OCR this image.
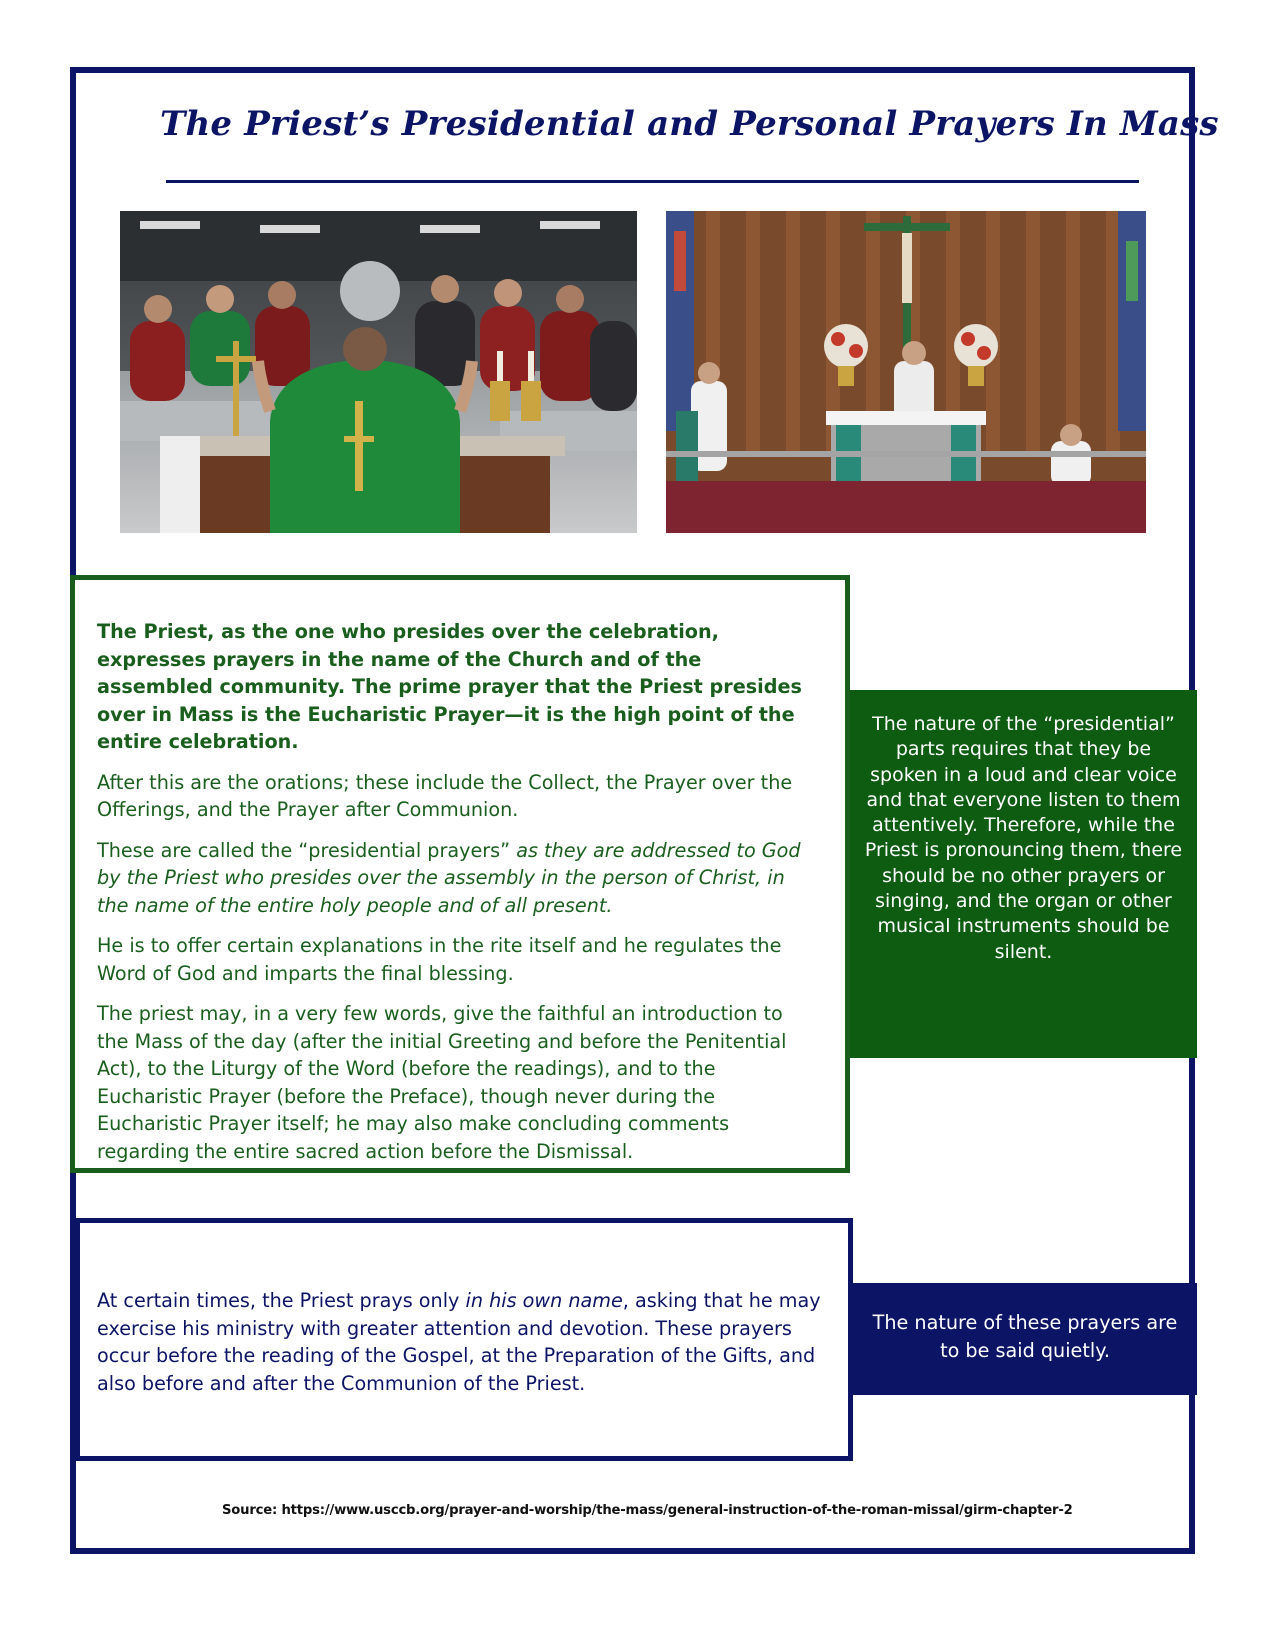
The Priest’s Presidential and Personal Prayers In Mass

The Priest, as the one who presides over the celebration, expresses prayers in the name of the Church and of the assembled community. The prime prayer that the Priest presides over in Mass is the Eucharistic Prayer—it is the high point of the entire celebration.

After this are the orations; these include the Collect, the Prayer over the Offerings, and the Prayer after Communion.

These are called the “presidential prayers” as they are addressed to God by the Priest who presides over the assembly in the person of Christ, in the name of the entire holy people and of all present.

He is to offer certain explanations in the rite itself and he regulates the Word of God and imparts the final blessing.

The priest may, in a very few words, give the faithful an introduction to the Mass of the day (after the initial Greeting and before the Penitential Act), to the Liturgy of the Word (before the readings), and to the Eucharistic Prayer (before the Preface), though never during the Eucharistic Prayer itself; he may also make concluding comments regarding the entire sacred action before the Dismissal.

The nature of the “presidential” parts requires that they be spoken in a loud and clear voice and that everyone listen to them attentively. Therefore, while the Priest is pronouncing them, there should be no other prayers or singing, and the organ or other musical instruments should be silent.
At certain times, the Priest prays only in his own name, asking that he may exercise his ministry with greater attention and devotion. These prayers occur before the reading of the Gospel, at the Preparation of the Gifts, and also before and after the Communion of the Priest.
The nature of these prayers are to be said quietly.
Source: https://www.usccb.org/prayer-and-worship/the-mass/general-instruction-of-the-roman-missal/girm-chapter-2
